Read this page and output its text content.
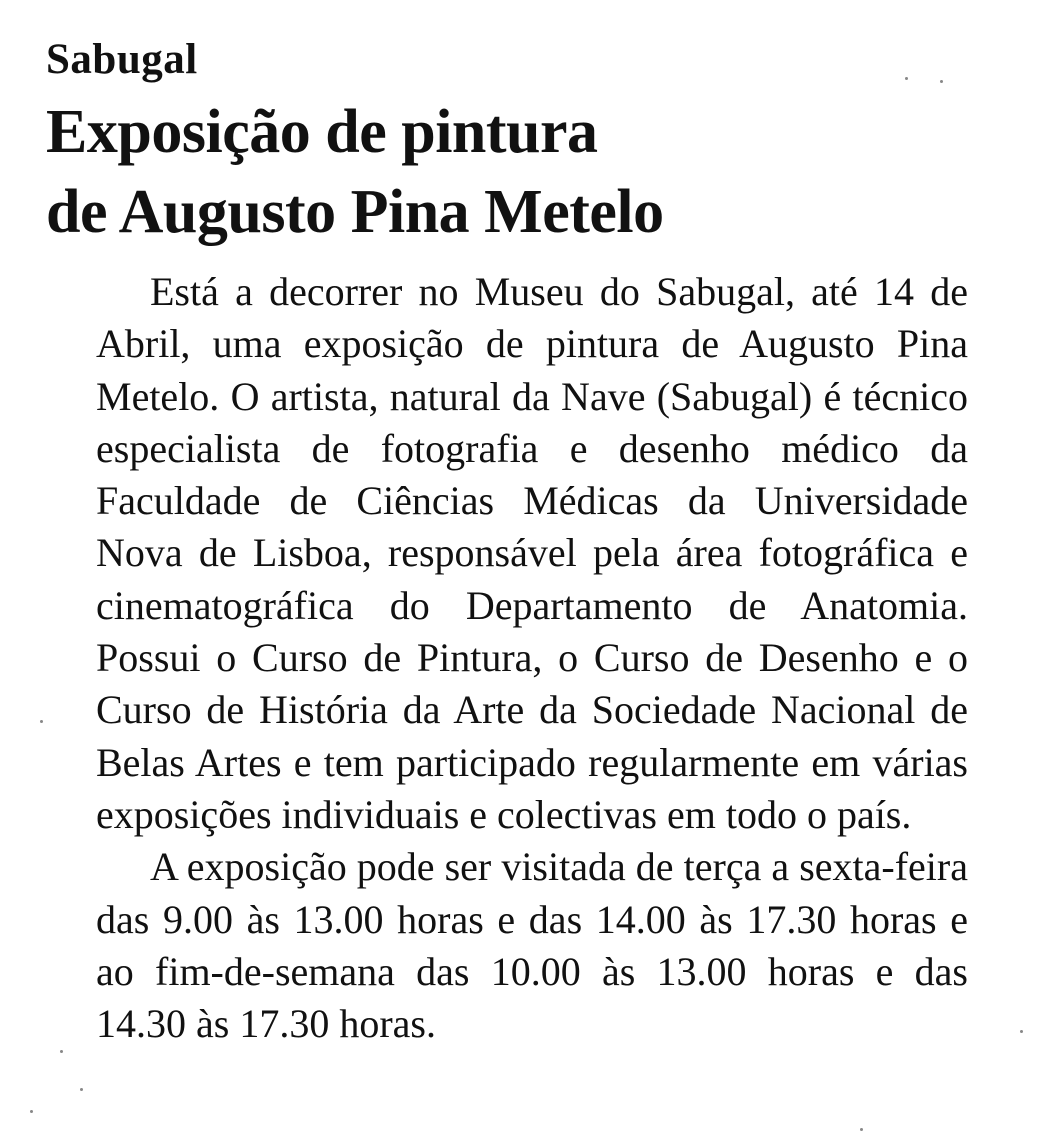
Sabugal
Exposição de pintura
de Augusto Pina Metelo

Está a decorrer no Museu do Sabugal, até 14 de Abril, uma exposição de pintura de Augusto Pina Metelo. O artista, natural da Nave (Sabugal) é técnico especialista de fotografia e desenho médico da Faculdade de Ciências Médicas da Universidade Nova de Lisboa, responsável pela área fotográfica e cinematográfica do Departamento de Anatomia. Possui o Curso de Pintura, o Curso de Desenho e o Curso de História da Arte da Sociedade Nacional de Belas Artes e tem participado regularmente em várias exposições individuais e colectivas em todo o país.

A exposição pode ser visitada de terça a sexta-feira das 9.00 às 13.00 horas e das 14.00 às 17.30 horas e ao fim-de-semana das 10.00 às 13.00 horas e das 14.30 às 17.30 horas.
